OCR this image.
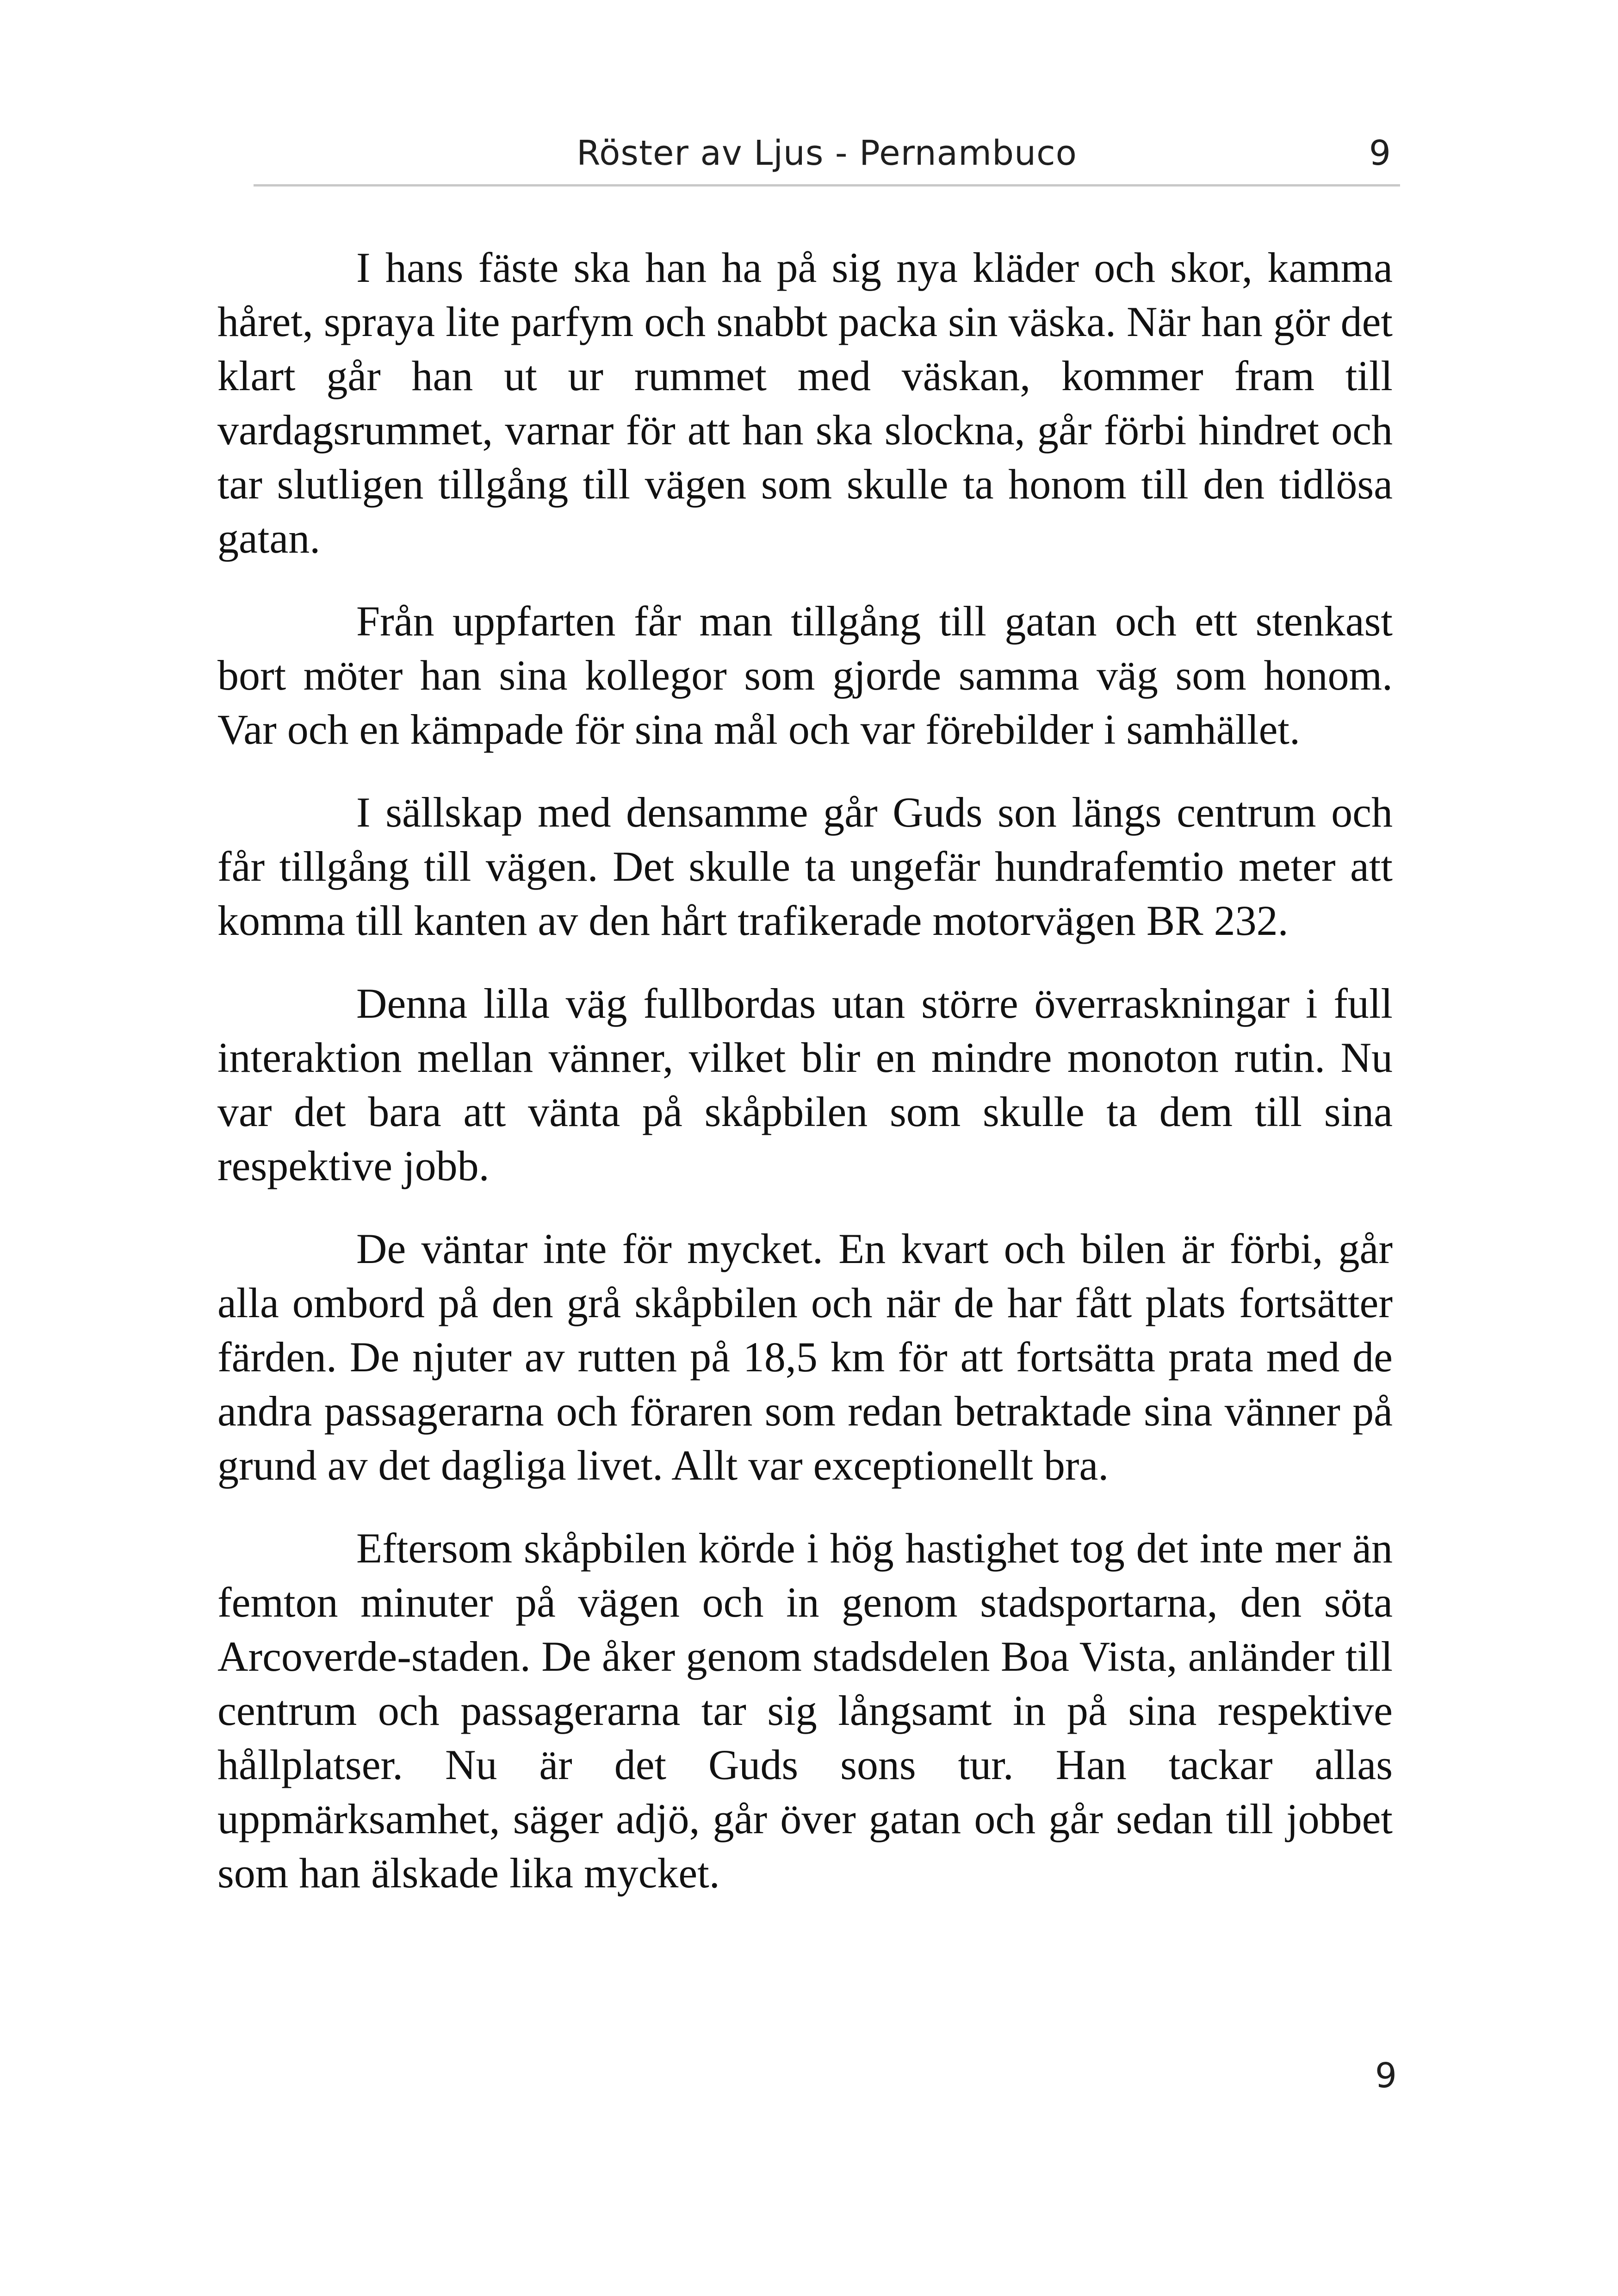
Röster av Ljus - Pernambuco	9

I hans fäste ska han ha på sig nya kläder och skor, kamma håret, spraya lite parfym och snabbt packa sin väska. När han gör det klart går han ut ur rummet med väskan, kommer fram till vardagsrummet, varnar för att han ska slockna, går förbi hindret och tar slutligen tillgång till vägen som skulle ta honom till den tidlösa gatan.

Från uppfarten får man tillgång till gatan och ett stenkast bort möter han sina kollegor som gjorde samma väg som honom. Var och en kämpade för sina mål och var förebilder i samhället.

I sällskap med densamme går Guds son längs centrum och får tillgång till vägen. Det skulle ta ungefär hundrafemtio meter att komma till kanten av den hårt trafikerade motorvägen BR 232.

Denna lilla väg fullbordas utan större överraskningar i full interaktion mellan vänner, vilket blir en mindre monoton rutin. Nu var det bara att vänta på skåpbilen som skulle ta dem till sina respektive jobb.

De väntar inte för mycket. En kvart och bilen är förbi, går alla ombord på den grå skåpbilen och när de har fått plats fortsätter färden. De njuter av rutten på 18,5 km för att fortsätta prata med de andra passagerarna och föraren som redan betraktade sina vänner på grund av det dagliga livet. Allt var exceptionellt bra.

Eftersom skåpbilen körde i hög hastighet tog det inte mer än femton minuter på vägen och in genom stadsportarna, den söta Arcoverde-staden. De åker genom stadsdelen Boa Vista, anländer till centrum och passagerarna tar sig långsamt in på sina respektive hållplatser. Nu är det Guds sons tur. Han tackar allas uppmärksamhet, säger adjö, går över gatan och går sedan till jobbet som han älskade lika mycket.

9
